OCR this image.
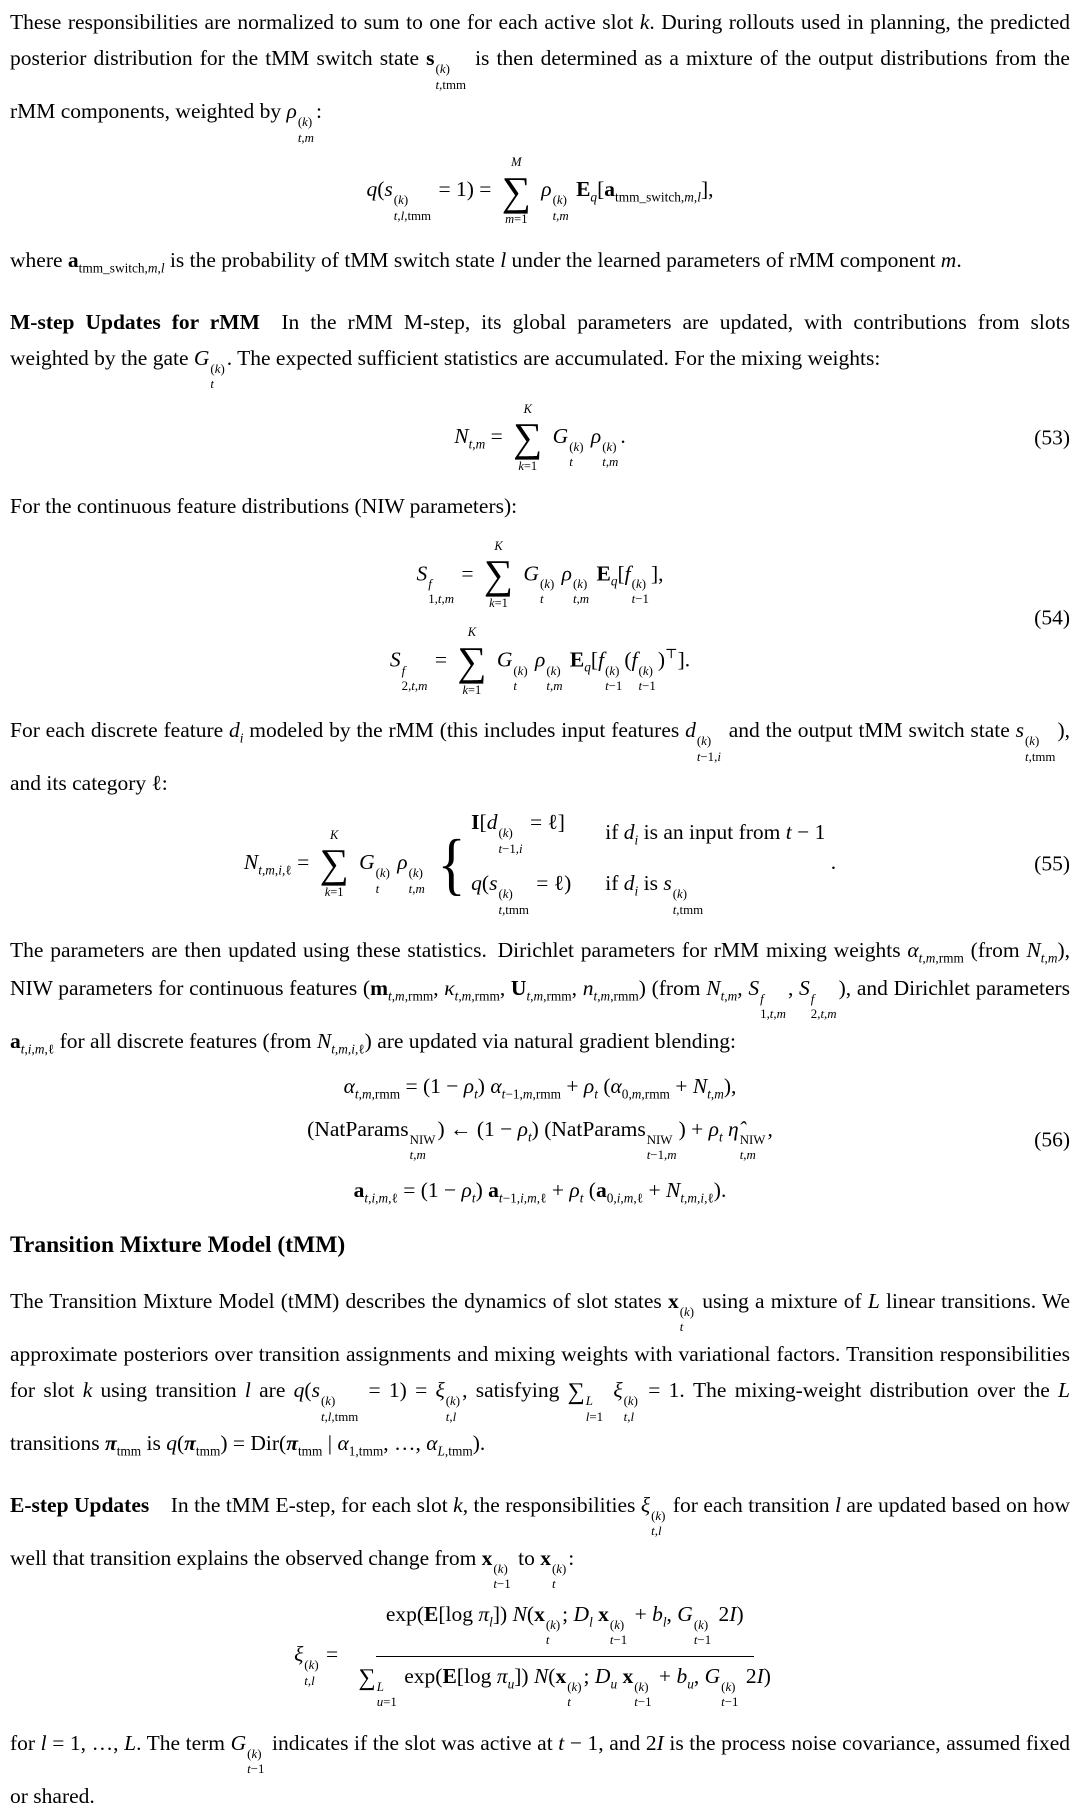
These responsibilities are normalized to sum to one for each active slot k. During rollouts used in planning, the predicted posterior distribution for the tMM switch state s (k)
t,tmm
is then determined as a mixture of the output distributions from the rMM components, weighted by ρ (k)
t,m
:

q(s (k)
t,l,tmm
= 1) =
M
∑
m=1
ρ (k)
t,m
$E_q[a_{tmm\_switch,m,l}]$,

where $a_{tmm\_switch,m,l}$ is the probability of tMM switch state l under the learned parameters of rMM component m.

M-step Updates for rMM In the rMM M-step, its global parameters are updated, with contributions from slots weighted by the gate G (k)
t
. The expected sufficient statistics are accumulated. For the mixing weights:

$N_{t,m}$ =
K
∑
k=1
G (k)
t
ρ (k)
t,m
.	(53)

For the continuous feature distributions (NIW parameters):

S f
1,t,m
=
K
∑
k=1
G (k)
t
ρ (k)
t,m
$E_q[f$ (k)
t−1
],
S f
2,t,m
=
K
∑
k=1
G (k)
t
ρ (k)
t,m
$E_q[f$ (k)
t−1
(f (k)
t−1
)⊤].
(54)

For each discrete feature $d_i$ modeled by the rMM (this includes input features d (k)
t−1,i
and the output tMM switch state s (k)
t,tmm
), and its category ℓ:

$N_{t,m,i,\ell}$ =
K
∑
k=1
G (k)
t
ρ (k)
t,m
{
I[d (k)
t−1,i
= ℓ] if $d_i$ is an input from t − 1
q(s (k)
t,tmm
= ℓ) if $d_i$ is s (k)
t,tmm
.	(55)

The parameters are then updated using these statistics. Dirichlet parameters for rMM mixing weights $\alpha_{t,m,rmm}$ (from $N_{t,m}$), NIW parameters for continuous features ($m_{t,m,rmm}$, $\kappa_{t,m,rmm}$, $U_{t,m,rmm}$, $n_{t,m,rmm}$) (from $N_{t,m}$, S f
1,t,m
, S f
2,t,m
), and Dirichlet parameters $a_{t,i,m,\ell}$ for all discrete features (from $N_{t,m,i,\ell}$) are updated via natural gradient blending:

$\alpha_{t,m,rmm} = (1 - \rho_t) \alpha_{t-1,m,rmm} + \rho_t$ $(\alpha_{0,m,rmm} + N_{t,m})$,
(NatParams NIW
t,m
) ← $(1 - \rho_t)$ (NatParams NIW
t−1,m
) + $\rho_t$ η̂ NIW
t,m
,
$a_{t,i,m,\ell} = (1 - \rho_t) a_{t-1,i,m,\ell} + \rho_t$ $(a_{0,i,m,\ell} + N_{t,m,i,\ell})$.
(56)
Transition Mixture Model (tMM)

The Transition Mixture Model (tMM) describes the dynamics of slot states x (k)
t
using a mixture of L linear transitions. We approximate posteriors over transition assignments and mixing weights with variational factors. Transition responsibilities for slot k using transition l are q(s (k)
t,l,tmm
= 1) = ξ (k)
t,l
, satisfying ∑ L
l=1
ξ (k)
t,l
= 1. The mixing-weight distribution over the L transitions $\pi_{tmm}$ is $q(\pi_{tmm}) = Dir(\pi_{tmm}$ | $\alpha_{1,tmm}$, …, $\alpha_{L,tmm}$).

E-step Updates In the tMM E-step, for each slot k, the responsibilities ξ (k)
t,l
for each transition l are updated based on how well that transition explains the observed change from x (k)
t−1
to x (k)
t
:

ξ (k)
t,l
= exp(E[log $\pi_l$]) N(x (k)
t
; $D_l$ x (k)
t−1
+ $b_l$, G (k)
t−1
2I)
∑ L
u=1
exp(E[log $\pi_u$]) N(x (k)
t
; $D_u$ x (k)
t−1
+ $b_u$, G (k)
t−1
2I)

for l = 1, …, L. The term G (k)
t−1
indicates if the slot was active at t − 1, and 2I is the process noise covariance, assumed fixed or shared.
